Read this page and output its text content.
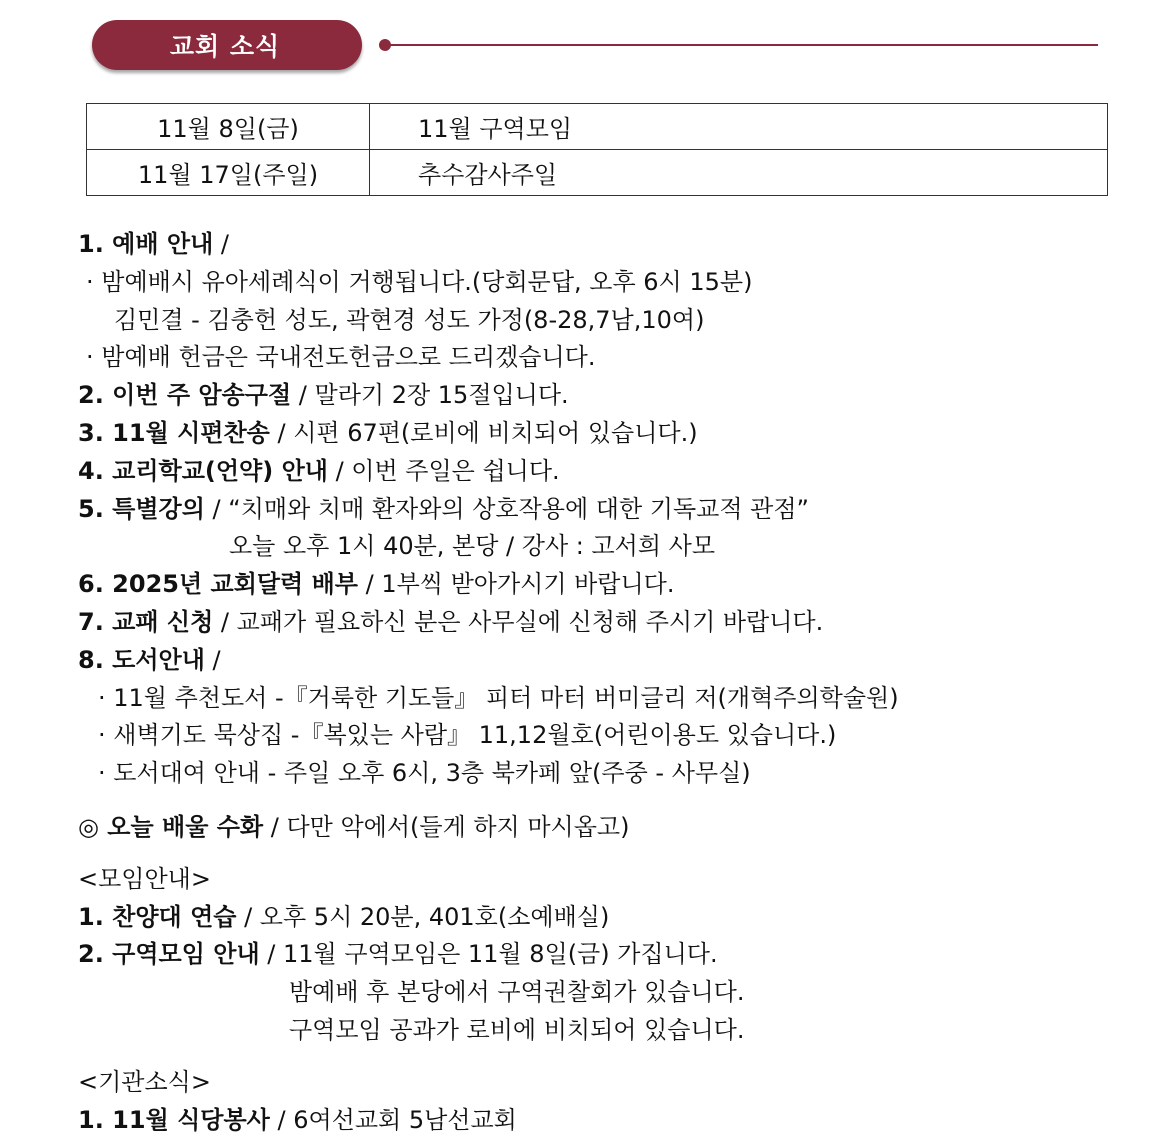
교회 소식
11월 8일(금)	11월 구역모임
11월 17일(주일)	추수감사주일
1. 예배 안내 /
· 밤예배시 유아세례식이 거행됩니다.(당회문답, 오후 6시 15분)
김민결 - 김충헌 성도, 곽현경 성도 가정(8-28,7남,10여)
· 밤예배 헌금은 국내전도헌금으로 드리겠습니다.
2. 이번 주 암송구절 / 말라기 2장 15절입니다.
3. 11월 시편찬송 / 시편 67편(로비에 비치되어 있습니다.)
4. 교리학교(언약) 안내 / 이번 주일은 쉽니다.
5. 특별강의 / “치매와 치매 환자와의 상호작용에 대한 기독교적 관점”
오늘 오후 1시 40분, 본당 / 강사 : 고서희 사모
6. 2025년 교회달력 배부 / 1부씩 받아가시기 바랍니다.
7. 교패 신청 / 교패가 필요하신 분은 사무실에 신청해 주시기 바랍니다.
8. 도서안내 /
· 11월 추천도서 -『거룩한 기도들』 피터 마터 버미글리 저(개혁주의학술원)
· 새벽기도 묵상집 -『복있는 사람』 11,12월호(어린이용도 있습니다.)
· 도서대여 안내 - 주일 오후 6시, 3층 북카페 앞(주중 - 사무실)
◎ 오늘 배울 수화 / 다만 악에서(들게 하지 마시옵고)
<모임안내>
1. 찬양대 연습 / 오후 5시 20분, 401호(소예배실)
2. 구역모임 안내 / 11월 구역모임은 11월 8일(금) 가집니다.
밤예배 후 본당에서 구역권찰회가 있습니다.
구역모임 공과가 로비에 비치되어 있습니다.
<기관소식>
1. 11월 식당봉사 / 6여선교회 5남선교회
